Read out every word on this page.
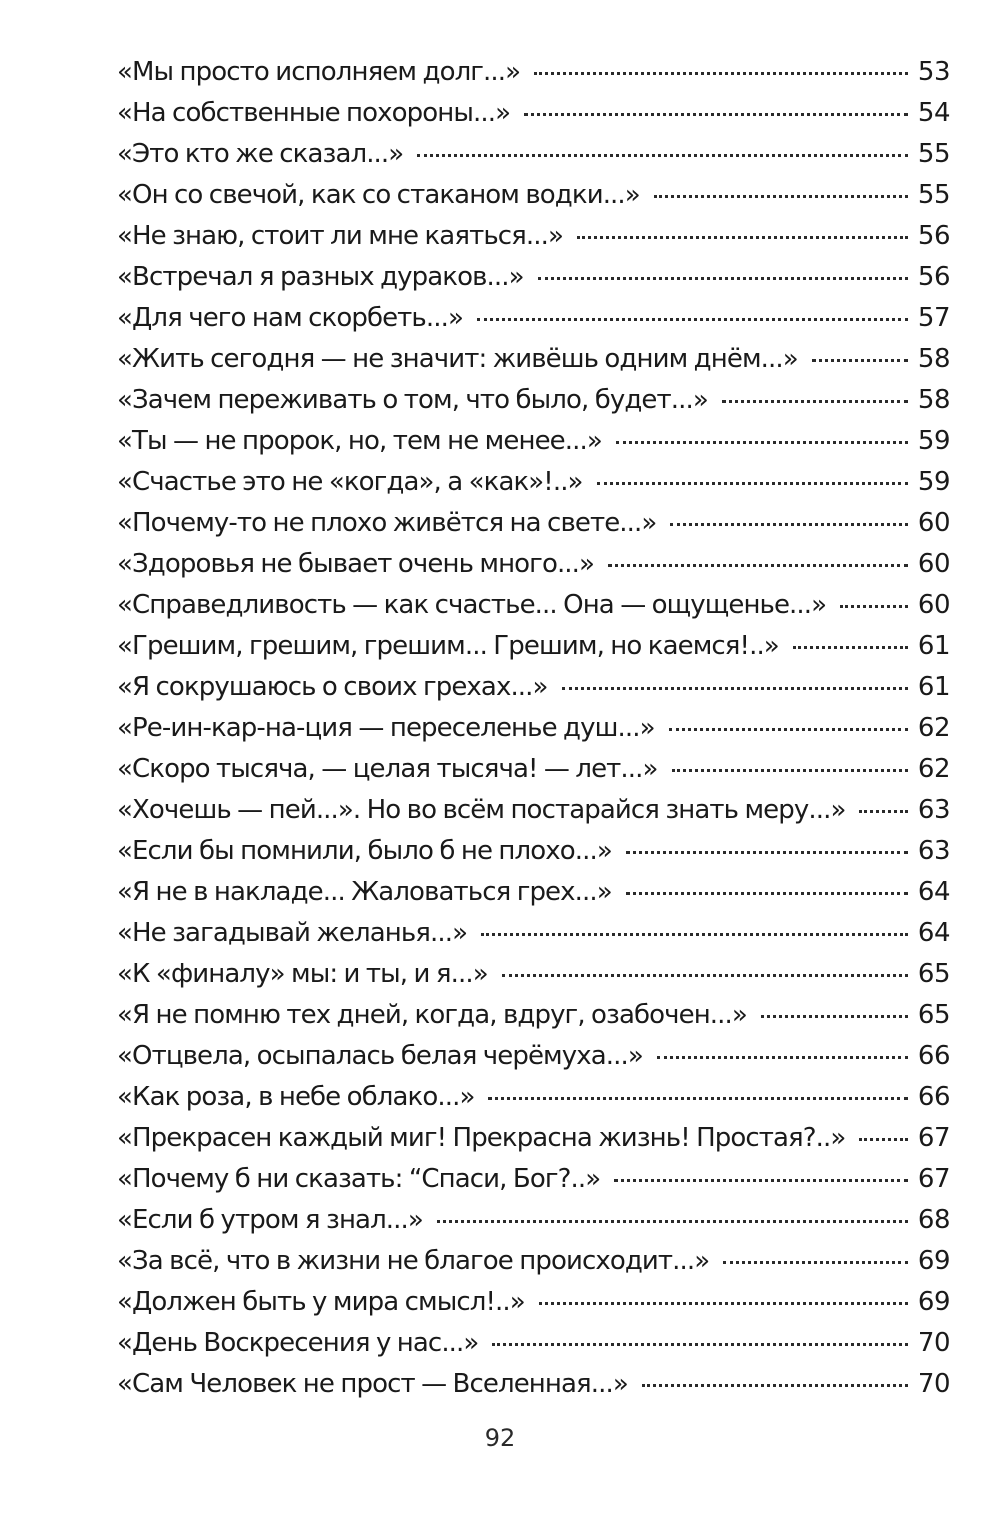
«Мы просто исполняем долг...»	53
«На собственные похороны...»	54
«Это кто же сказал...»	55
«Он со свечой, как со стаканом водки...»	55
«Не знаю, стоит ли мне каяться...»	56
«Встречал я разных дураков...»	56
«Для чего нам скорбеть...»	57
«Жить сегодня — не значит: живёшь одним днём...»	58
«Зачем переживать о том, что было, будет...»	58
«Ты — не пророк, но, тем не менее...»	59
«Счастье это не «когда», а «как»!..»	59
«Почему-то не плохо живётся на свете...»	60
«Здоровья не бывает очень много...»	60
«Справедливость — как счастье... Она — ощущенье...»	60
«Грешим, грешим, грешим... Грешим, но каемся!..»	61
«Я сокрушаюсь о своих грехах...»	61
«Ре-ин-кар-на-ция — переселенье душ...»	62
«Скоро тысяча, — целая тысяча! — лет...»	62
«Хочешь — пей...». Но во всём постарайся знать меру...»	63
«Если бы помнили, было б не плохо...»	63
«Я не в накладе... Жаловаться грех...»	64
«Не загадывай желанья...»	64
«К «финалу» мы: и ты, и я...»	65
«Я не помню тех дней, когда, вдруг, озабочен...»	65
«Отцвела, осыпалась белая черёмуха...»	66
«Как роза, в небе облако...»	66
«Прекрасен каждый миг! Прекрасна жизнь! Простая?..»	67
«Почему б ни сказать: “Спаси, Бог?..»	67
«Если б утром я знал...»	68
«За всё, что в жизни не благое происходит...»	69
«Должен быть у мира смысл!..»	69
«День Воскресения у нас...»	70
«Сам Человек не прост — Вселенная...»	70
92
